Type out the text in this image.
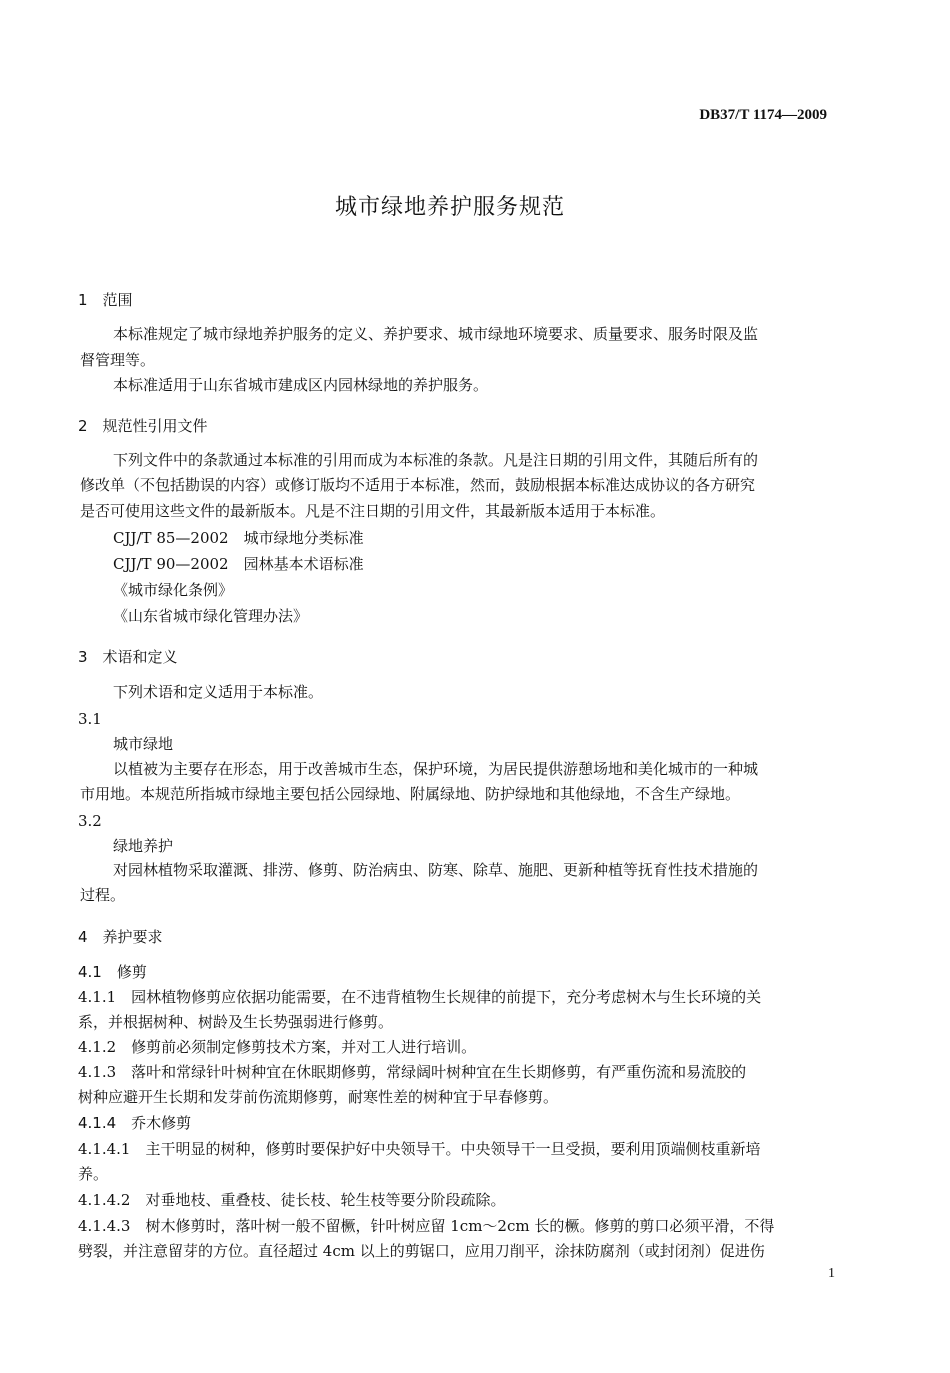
DB37/T 1174—2009
城市绿地养护服务规范
1　范围
本标准规定了城市绿地养护服务的定义、养护要求、城市绿地环境要求、质量要求、服务时限及监
督管理等。
本标准适用于山东省城市建成区内园林绿地的养护服务。
2　规范性引用文件
下列文件中的条款通过本标准的引用而成为本标准的条款。凡是注日期的引用文件，其随后所有的
修改单（不包括勘误的内容）或修订版均不适用于本标准，然而，鼓励根据本标准达成协议的各方研究
是否可使用这些文件的最新版本。凡是不注日期的引用文件，其最新版本适用于本标准。
CJJ/T 85—2002　城市绿地分类标准
CJJ/T 90—2002　园林基本术语标准
《城市绿化条例》
《山东省城市绿化管理办法》
3　术语和定义
下列术语和定义适用于本标准。
3.1
城市绿地
以植被为主要存在形态，用于改善城市生态，保护环境，为居民提供游憩场地和美化城市的一种城
市用地。本规范所指城市绿地主要包括公园绿地、附属绿地、防护绿地和其他绿地，不含生产绿地。
3.2
绿地养护
对园林植物采取灌溉、排涝、修剪、防治病虫、防寒、除草、施肥、更新种植等抚育性技术措施的
过程。
4　养护要求
4.1　修剪
4.1.1　园林植物修剪应依据功能需要，在不违背植物生长规律的前提下，充分考虑树木与生长环境的关
系，并根据树种、树龄及生长势强弱进行修剪。
4.1.2　修剪前必须制定修剪技术方案，并对工人进行培训。
4.1.3　落叶和常绿针叶树种宜在休眠期修剪，常绿阔叶树种宜在生长期修剪，有严重伤流和易流胶的
树种应避开生长期和发芽前伤流期修剪，耐寒性差的树种宜于早春修剪。
4.1.4　乔木修剪
4.1.4.1　主干明显的树种，修剪时要保护好中央领导干。中央领导干一旦受损，要利用顶端侧枝重新培
养。
4.1.4.2　对垂地枝、重叠枝、徒长枝、轮生枝等要分阶段疏除。
4.1.4.3　树木修剪时，落叶树一般不留橛，针叶树应留 1cm～2cm 长的橛。修剪的剪口必须平滑，不得
劈裂，并注意留芽的方位。直径超过 4cm 以上的剪锯口，应用刀削平，涂抹防腐剂（或封闭剂）促进伤
1
